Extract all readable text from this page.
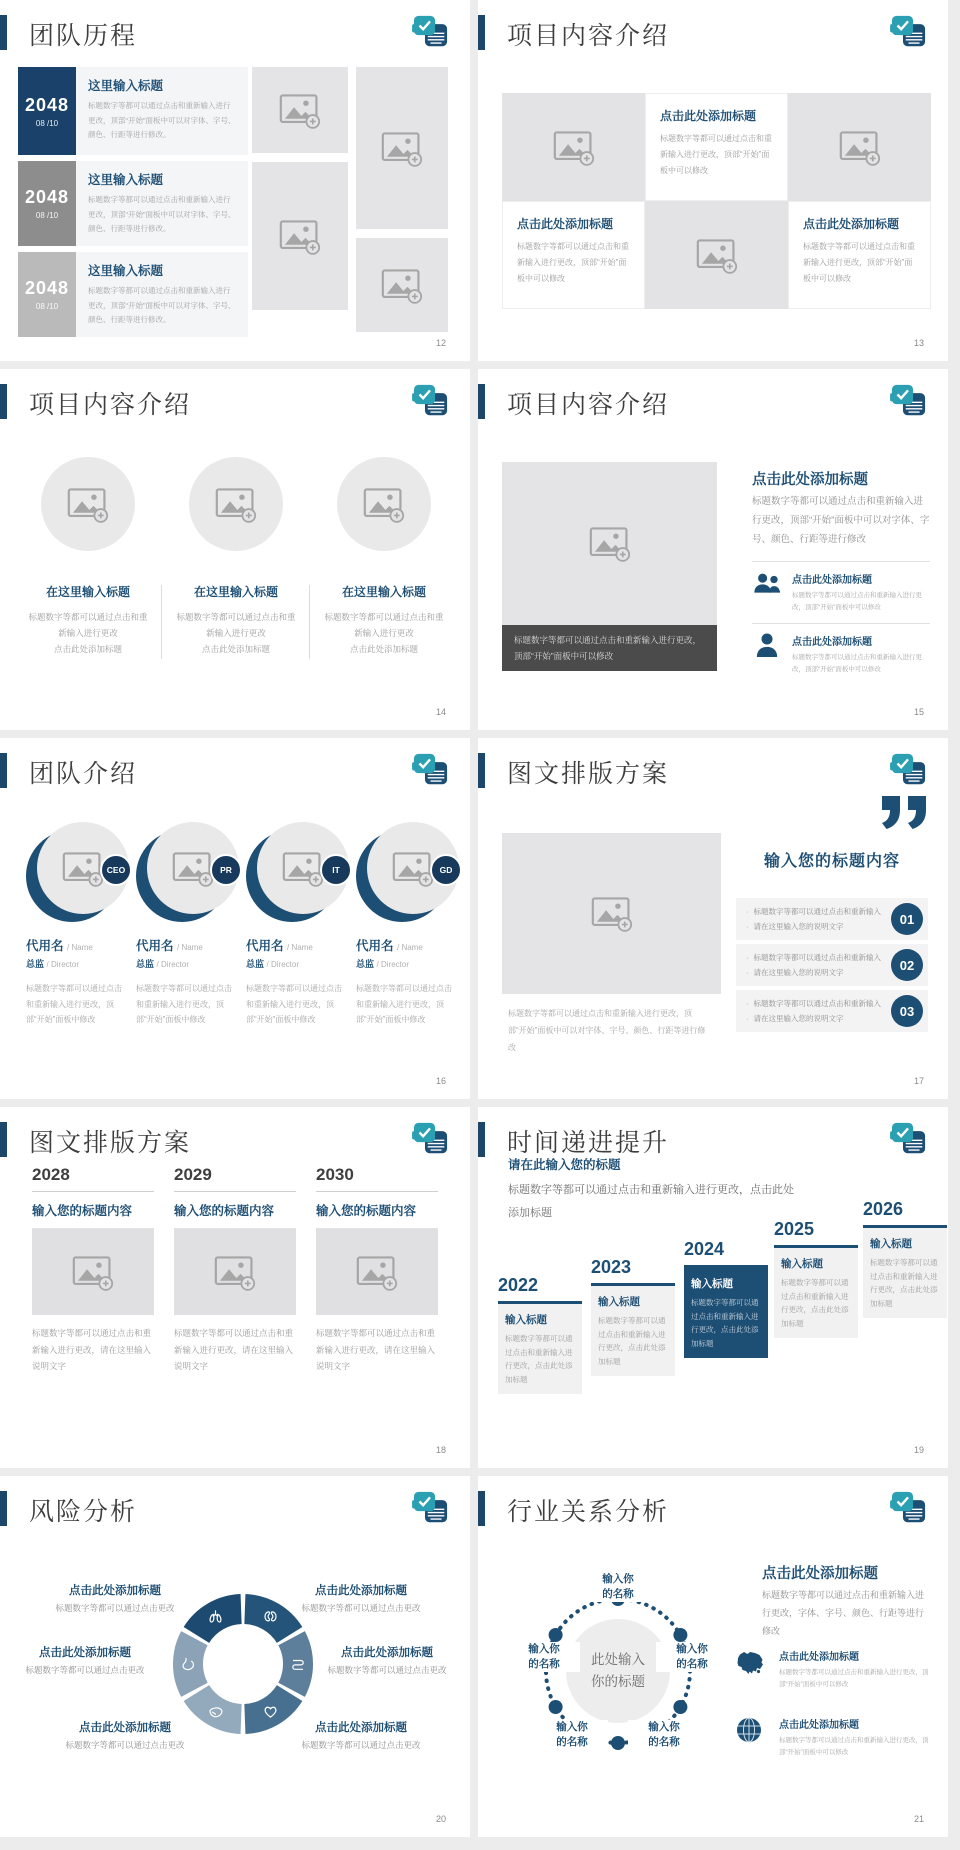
团队历程
2048
08 /10
这里输入标题

标题数字等都可以通过点击和重新输入进行更改，顶部“开始”面板中可以对字体、字号、颜色、行距等进行修改。

2048
08 /10
这里输入标题

标题数字等都可以通过点击和重新输入进行更改，顶部“开始”面板中可以对字体、字号、颜色、行距等进行修改。

2048
08 /10
这里输入标题

标题数字等都可以通过点击和重新输入进行更改，顶部“开始”面板中可以对字体、字号、颜色、行距等进行修改。

12
项目内容介绍
点击此处添加标题

标题数字等都可以通过点击和重新输入进行更改，顶部“开始”面板中可以修改

点击此处添加标题

标题数字等都可以通过点击和重新输入进行更改，顶部“开始”面板中可以修改

点击此处添加标题

标题数字等都可以通过点击和重新输入进行更改，顶部“开始”面板中可以修改

13
项目内容介绍
在这里输入标题

标题数字等都可以通过点击和重新输入进行更改

点击此处添加标题

在这里输入标题

标题数字等都可以通过点击和重新输入进行更改

点击此处添加标题

在这里输入标题

标题数字等都可以通过点击和重新输入进行更改

点击此处添加标题

14
项目内容介绍
标题数字等都可以通过点击和重新输入进行更改，顶部“开始”面板中可以修改
点击此处添加标题
标题数字等都可以通过点击和重新输入进行更改，顶部“开始”面板中可以对字体、字号、颜色、行距等进行修改
点击此处添加标题

标题数字等都可以通过点击和重新输入进行更改，顶部“开始”面板中可以修改

点击此处添加标题

标题数字等都可以通过点击和重新输入进行更改，顶部“开始”面板中可以修改

15
团队介绍
CEO
代用名 / Name
总监 / Director
标题数字等都可以通过点击和重新输入进行更改，顶部“开始”面板中修改
PR
代用名 / Name
总监 / Director
标题数字等都可以通过点击和重新输入进行更改，顶部“开始”面板中修改
IT
代用名 / Name
总监 / Director
标题数字等都可以通过点击和重新输入进行更改，顶部“开始”面板中修改
GD
代用名 / Name
总监 / Director
标题数字等都可以通过点击和重新输入进行更改，顶部“开始”面板中修改
16
图文排版方案
标题数字等都可以通过点击和重新输入进行更改，顶部“开始”面板中可以对字体、字号、颜色、行距等进行修改
输入您的标题内容
· 标题数字等都可以通过点击和重新输入
· 请在这里输入您的说明文字	01
· 标题数字等都可以通过点击和重新输入
· 请在这里输入您的说明文字	02
· 标题数字等都可以通过点击和重新输入
· 请在这里输入您的说明文字	03
17
图文排版方案
2028
输入您的标题内容
标题数字等都可以通过点击和重新输入进行更改，请在这里输入说明文字
2029
输入您的标题内容
标题数字等都可以通过点击和重新输入进行更改，请在这里输入说明文字
2030
输入您的标题内容
标题数字等都可以通过点击和重新输入进行更改，请在这里输入说明文字
18
时间递进提升
请在此输入您的标题
标题数字等都可以通过点击和重新输入进行更改，点击此处添加标题
2022
输入标题

标题数字等都可以通过点击和重新输入进行更改，点击此处添加标题

2023
输入标题

标题数字等都可以通过点击和重新输入进行更改，点击此处添加标题

2024
输入标题

标题数字等都可以通过点击和重新输入进行更改，点击此处添加标题

2025
输入标题

标题数字等都可以通过点击和重新输入进行更改，点击此处添加标题

2026
输入标题

标题数字等都可以通过点击和重新输入进行更改，点击此处添加标题

19
风险分析
点击此处添加标题

标题数字等都可以通过点击更改

点击此处添加标题

标题数字等都可以通过点击更改

点击此处添加标题

标题数字等都可以通过点击更改

点击此处添加标题

标题数字等都可以通过点击更改

点击此处添加标题

标题数字等都可以通过点击更改

点击此处添加标题

标题数字等都可以通过点击更改

20
行业关系分析
此处输入
你的标题
输入你
的名称
输入你
的名称
输入你
的名称
输入你
的名称
输入你
的名称
点击此处添加标题
标题数字等都可以通过点击和重新输入进行更改，字体、字号、颜色、行距等进行修改
点击此处添加标题

标题数字等都可以通过点击和重新输入进行更改，顶部“开始”面板中可以修改

点击此处添加标题

标题数字等都可以通过点击和重新输入进行更改，顶部“开始”面板中可以修改

21
